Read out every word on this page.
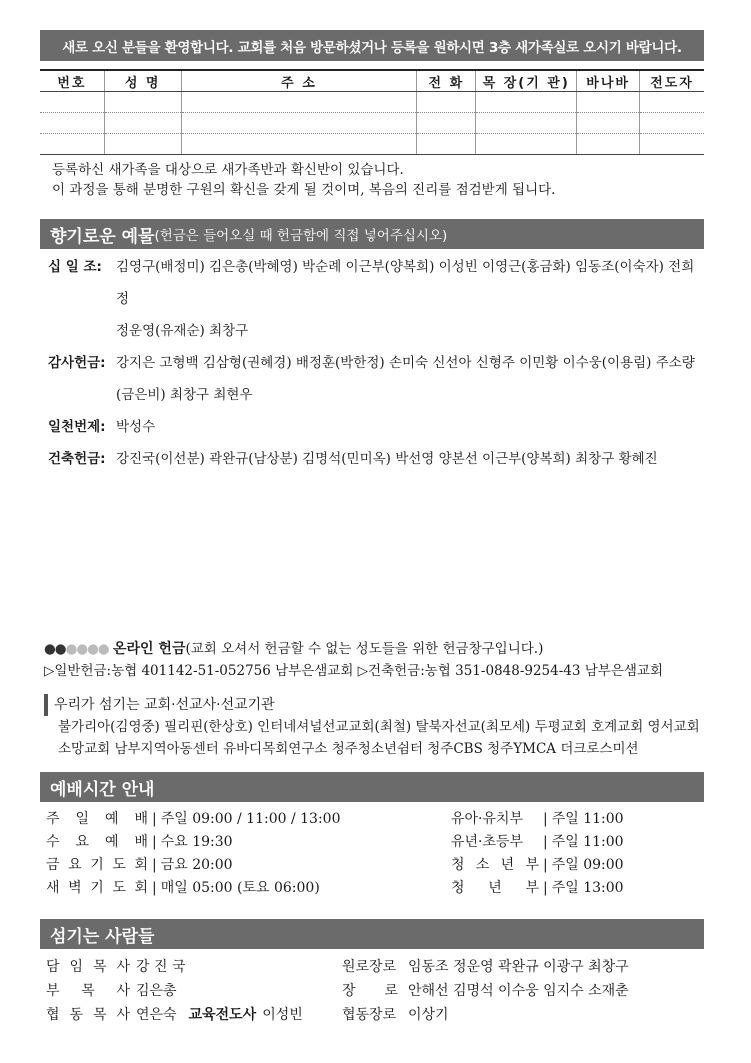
새로 오신 분들을 환영합니다. 교회를 처음 방문하셨거나 등록을 원하시면 3층 새가족실로 오시기 바랍니다.
번호	성 명	주 소	전 화	목 장(기 관)	바나바	전도자

등록하신 새가족을 대상으로 새가족반과 확신반이 있습니다.
이 과정을 통해 분명한 구원의 확신을 갖게 될 것이며, 복음의 진리를 점검받게 됩니다.
향기로운 예물 (헌금은 들어오실 때 헌금함에 직접 넣어주십시오)
십 일 조:	김영구(배정미) 김은총(박혜영) 박순례 이근부(양복희) 이성빈 이영근(홍금화) 임동조(이숙자) 전희정
정운영(유재순) 최창구
감사헌금: 강지은 고형백 김삼형(권혜경) 배정훈(박한정) 손미숙 신선아 신형주 이민황 이수웅(이용림) 주소량
(금은비) 최창구 최현우
일천번제: 박성수
건축헌금: 강진국(이선분) 곽완규(남상분) 김명석(민미옥) 박선영 양본선 이근부(양복희) 최창구 황혜진
●●●●●● 온라인 헌금(교회 오셔서 헌금할 수 없는 성도들을 위한 헌금창구입니다.)
▷일반헌금:농협 401142-51-052756 남부은샘교회 ▷건축헌금:농협 351-0848-9254-43 남부은샘교회
우리가 섬기는 교회·선교사·선교기관
불가리아(김영중) 필리핀(한상호) 인터네셔널선교교회(최철) 탈북자선교(최모세) 두평교회 호계교회 영서교회
소망교회 남부지역아동센터 유바디목회연구소 청주청소년쉼터 청주CBS 청주YMCA 더크로스미션
예배시간 안내
주 일 예 배 | 주일 09:00 / 11:00 / 13:00
수 요 예 배 | 수요 19:30
금 요 기 도 회 | 금요 20:00
새 벽 기 도 회 | 매일 05:00 (토요 06:00)
유아·유치부	| 주일 11:00
유년·초등부	| 주일 11:00
청 소 년 부 | 주일 09:00
청 년 부 | 주일 13:00
섬기는 사람들
담 임 목 사 강 진 국
부 목 사 김은총
협 동 목 사 연은숙 교육전도사 이성빈
원로장로 임동조 정운영 곽완규 이광구 최창구
장 로 안해선 김명석 이수웅 임지수 소재춘
협동장로 이상기
